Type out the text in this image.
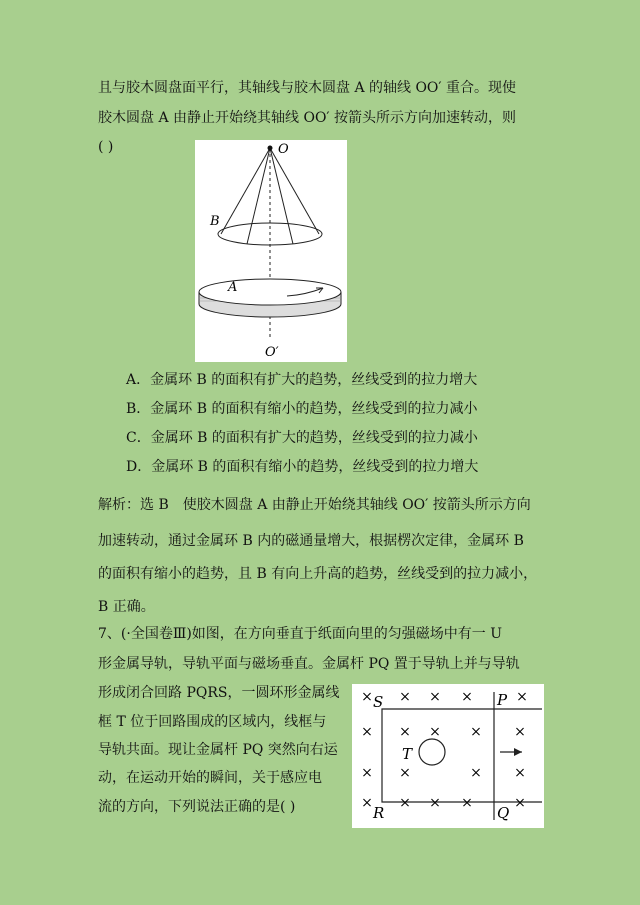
且与胶木圆盘面平行，其轴线与胶木圆盘 A 的轴线 OO′ 重合。现使
胶木圆盘 A 由静止开始绕其轴线 OO′ 按箭头所示方向加速转动，则
( )	O
B
A
O′
A．金属环 B 的面积有扩大的趋势，丝线受到的拉力增大
B．金属环 B 的面积有缩小的趋势，丝线受到的拉力减小
C．金属环 B 的面积有扩大的趋势，丝线受到的拉力减小
D．金属环 B 的面积有缩小的趋势，丝线受到的拉力增大
解析：选 B　使胶木圆盘 A 由静止开始绕其轴线 OO′ 按箭头所示方向
加速转动，通过金属环 B 内的磁通量增大，根据楞次定律，金属环 B
的面积有缩小的趋势，且 B 有向上升高的趋势，丝线受到的拉力减小，
B 正确。
7、(·全国卷Ⅲ)如图，在方向垂直于纸面向里的匀强磁场中有一 U
形金属导轨，导轨平面与磁场垂直。金属杆 PQ 置于导轨上并与导轨
形成闭合回路 PQRS，一圆环形金属线
框 T 位于回路围成的区域内，线框与
导轨共面。现让金属杆 PQ 突然向右运
动，在运动开始的瞬间，关于感应电
流的方向，下列说法正确的是( )
× × × ×	×
× × × × ×
× ×	× ×
× × × ×	×
S	P
T
R	Q
